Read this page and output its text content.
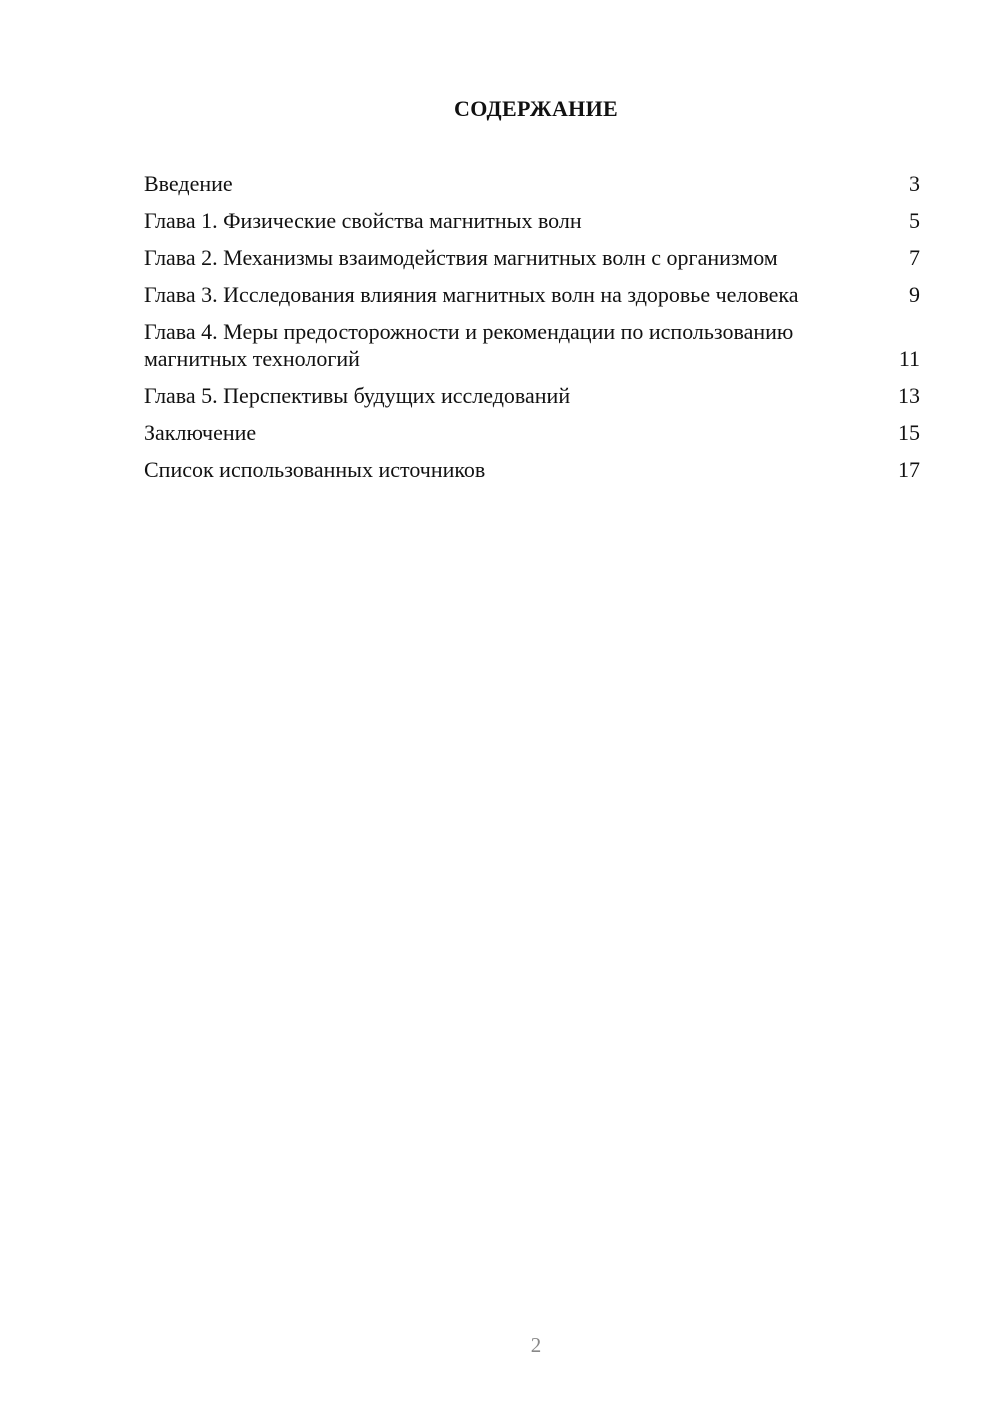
СОДЕРЖАНИЕ
Введение	3
Глава 1. Физические свойства магнитных волн	5
Глава 2. Механизмы взаимодействия магнитных волн с организмом	7
Глава 3. Исследования влияния магнитных волн на здоровье человека	9
Глава 4. Меры предосторожности и рекомендации по использованию магнитных технологий	11
Глава 5. Перспективы будущих исследований	13
Заключение	15
Список использованных источников	17
2
